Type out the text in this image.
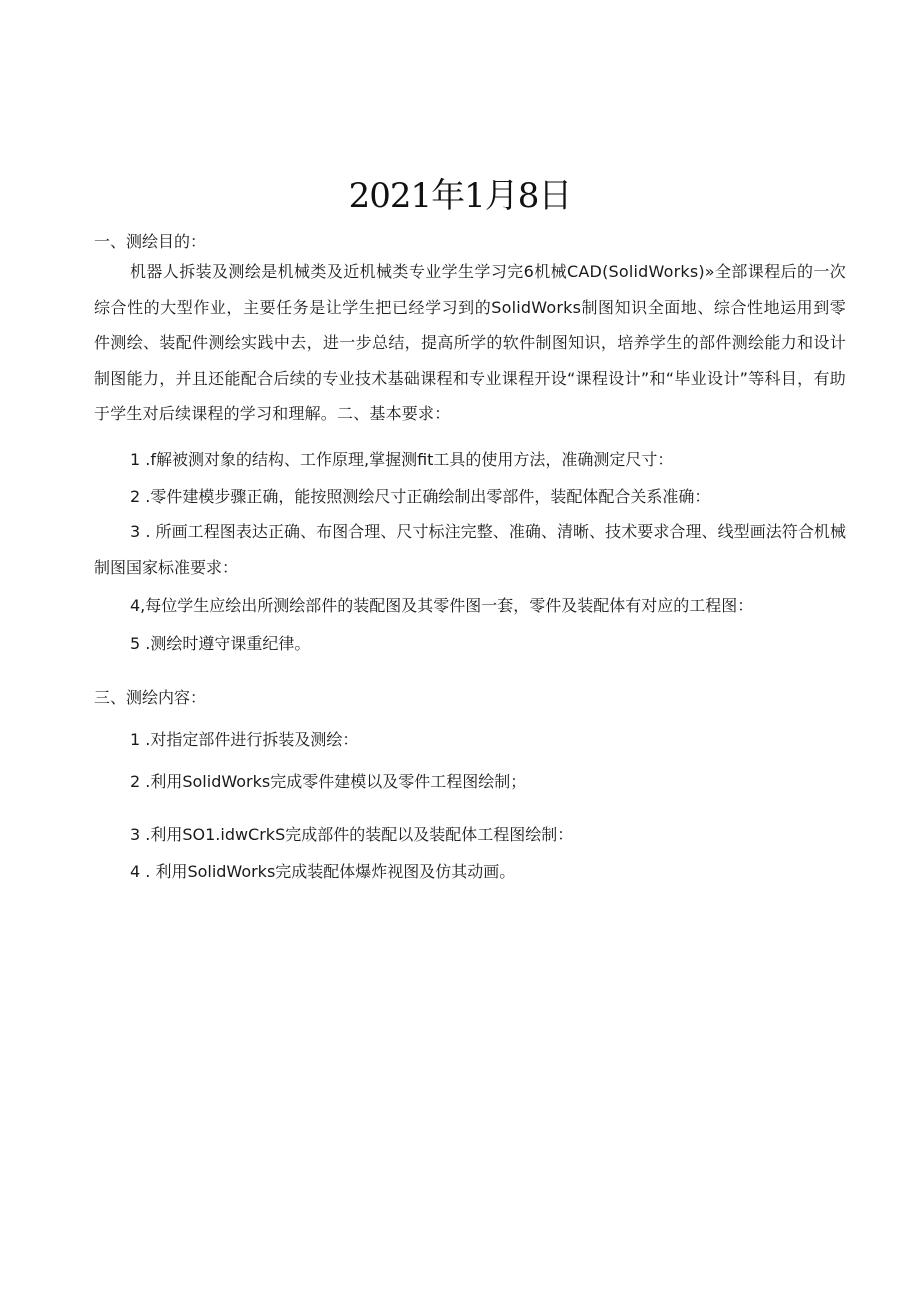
2021年1月8日
一、测绘目的：
机器人拆装及测绘是机械类及近机械类专业学生学习完6机械CAD(SolidWorks)»全部课程后的一次综合性的大型作业，主要任务是让学生把已经学习到的SolidWorks制图知识全面地、综合性地运用到零件测绘、装配件测绘实践中去，进一步总结，提高所学的软件制图知识，培养学生的部件测绘能力和设计制图能力，并且还能配合后续的专业技术基础课程和专业课程开设“课程设计”和“毕业设计”等科目，有助于学生对后续课程的学习和理解。二、基本要求：
1 .f解被测对象的结构、工作原理,掌握测fit工具的使用方法，准确测定尺寸：
2 .零件建模步骤正确，能按照测绘尺寸正确绘制出零部件，装配体配合关系准确：
3 . 所画工程图表达正确、布图合理、尺寸标注完整、准确、清晰、技术要求合理、线型画法符合机械制图国家标准要求：
4,每位学生应绘出所测绘部件的装配图及其零件图一套，零件及装配体有对应的工程图：
5 .测绘时遵守课重纪律。
三、测绘内容：
1 .对指定部件进行拆装及测绘：
2 .利用SolidWorks完成零件建模以及零件工程图绘制；
3 .利用SO1.idwCrkS完成部件的装配以及装配体工程图绘制：
4 . 利用SolidWorks完成装配体爆炸视图及仿其动画。
